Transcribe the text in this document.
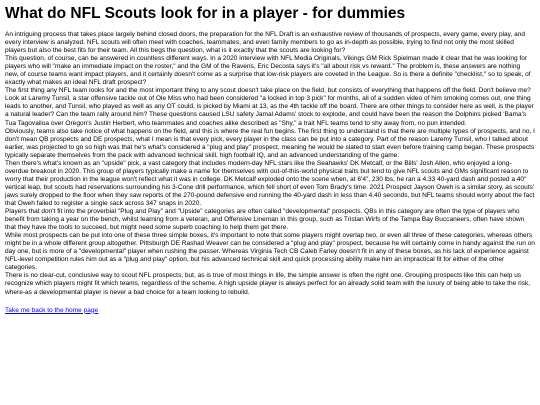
What do NFL Scouts look for in a player - for dummies

An intriguing process that takes place largely behind closed doors, the preparation for the NFL Draft is an exhaustive review of thousands of prospects, every game, every play, and every interview is analyzed. NFL scouts will often meet with coaches, teammates, and even family members to go as in-depth as possible, trying to find not only the most skilled players but also the best fits for their team. All this begs the question, what is it exactly that the scouts are looking for?

This question, of course, can be answered in countless different ways. In a 2020 interview with NFL Media Originals, Vikings GM Rick Spielman made it clear that he was looking for players who will "make an immediate impact on the roster," and the GM of the Ravens, Eric Decosta says it's "all about risk vs reward." The problem is, these answers are nothing new, of course teams want impact players, and it certainly doesn't come as a surprise that low-risk players are coveted in the League. So is there a definite "checklist," so to speak, of exactly what makes an ideal NFL draft prospect?

The first thing any NFL team looks for and the most important thing to any scout doesn't take place on the field, but consists of everything that happens off the field. Don't believe me? Look at Laremy Tunsil, a star offensive tackle out of Ole Miss who had been considered "a locked in top 3 pick" for months, all of a sudden video of him smoking comes out, one thing leads to another, and Tunsil, who played as well as any OT could, is picked by Miami at 13, as the 4th tackle off the board. There are other things to consider here as well, is the player a natural leader? Can the team rally around him? These questions caused LSU safety Jamal Adams' stock to explode, and could have been the reason the Dolphins picked 'Bama's Tua Tagovailoa over Oregon's Justin Herbert, who teammates and coaches alike described as "Shy," a trait NFL teams tend to shy away from, no pun intended.

Obviously, teams also take notice of what happens on the field, and this is where the real fun begins. The first thing to understand is that there are multiple types of prospects, and no, I don't mean QB prospects and DE prospects, what I mean is that every pick, every player in the class can be put into a category. Part of the reason Laremy Tunsil, who I talked about earlier, was projected to go so high was that he's what's considered a "plug and play" prospect, meaning he would be slated to start even before training camp began. These prospects typically separate themselves from the pack with advanced technical skill, high football IQ, and an advanced understanding of the game.

Then there's what's known as an "upside" pick, a vast category that includes modern-day NFL stars like the Seahawks' DK Metcalf, or the Bills' Josh Allen, who enjoyed a long-overdue breakout in 2020. This group of players typically make a name for themselves with out-of-this-world physical traits but tend to give NFL scouts and GMs significant reason to worry that their production in the league won't reflect what it was in college. DK Metcalf exploded onto the scene when, at 6'4", 230 lbs, he ran a 4.33 40-yard dash and posted a 40" vertical leap, but scouts had reservations surrounding his 3-Cone drill performance, which fell short of even Tom Brady's time. 2021 Prospect Jayson Oweh is a similar story, as scouts' jaws surely dropped to the floor when they saw reports of the 270-pound defensive end running the 40-yard dash in less than 4.40 seconds, but NFL teams should worry about the fact that Oweh failed to register a single sack across 347 snaps in 2020.

Players that don't fit into the proverbial "Plug and Play" and "Upside" categories are often called "developmental" prospects. QBs in this category are often the type of players who benefit from taking a year on the bench, whilst learning from a veteran, and Offensive Lineman in this group, such as Tristan Wirfs of the Tampa Bay Buccaneers, often have shown that they have the tools to succeed, but might need some superb coaching to help them get there.

While most prospects can be put into one of these three simple boxes, it's important to note that some players might overlap two, or even all three of these categories, whereas others might be in a whole different group altogether. Pittsburgh DE Rashad Weaver can be considered a "plug and play" prospect, because he will certainly come in handy against the run on day one, but is more of a "developmental" player when rushing the passer. Whereas Virginia Tech CB Caleb Farley doesn't fit in any of these boxes, as his lack of experience against NFL-level competition rules him out as a "plug and play" option, but his advanced technical skill and quick processing ability make him an impractical fit for either of the other categories.

There is no clear-cut, conclusive way to scout NFL prospects, but, as is true of most things in life, the simple answer is often the right one. Grouping prospects like this can help us recognize which players might fit which teams, regardless of the scheme. A high upside player is always perfect for an already solid team with the luxury of being able to take the risk, where-as a developmental player is never a bad choice for a team looking to rebuild.

Take me back to the home page
